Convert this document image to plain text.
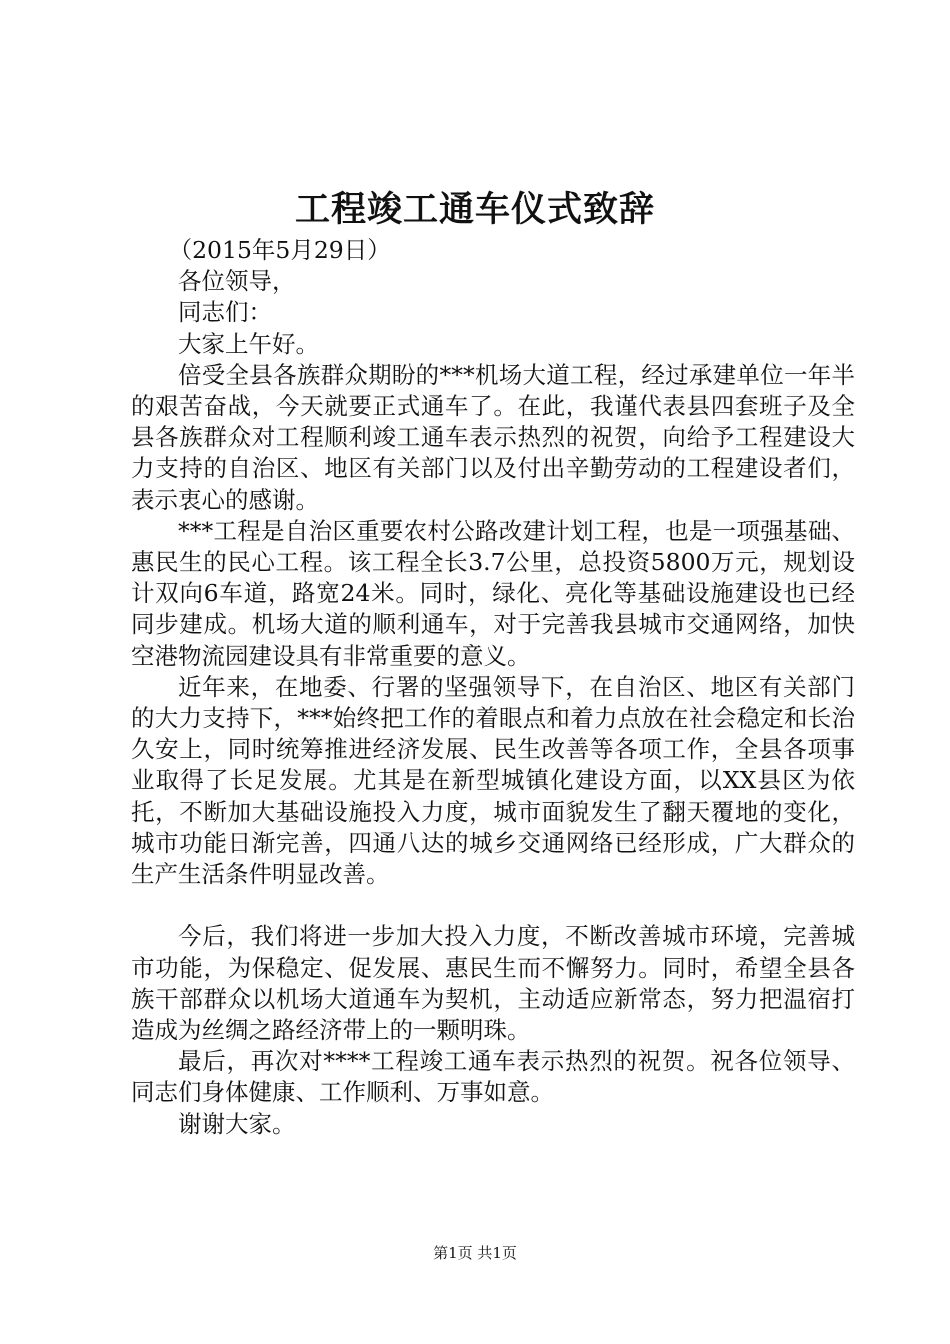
工程竣工通车仪式致辞

（2015年5月29日）

各位领导，

同志们：

大家上午好。

倍受全县各族群众期盼的***机场大道工程，经过承建单位一年半的艰苦奋战，今天就要正式通车了。在此，我谨代表县四套班子及全县各族群众对工程顺利竣工通车表示热烈的祝贺，向给予工程建设大力支持的自治区、地区有关部门以及付出辛勤劳动的工程建设者们，表示衷心的感谢。

***工程是自治区重要农村公路改建计划工程，也是一项强基础、惠民生的民心工程。该工程全长3.7公里，总投资5800万元，规划设计双向6车道，路宽24米。同时，绿化、亮化等基础设施建设也已经同步建成。机场大道的顺利通车，对于完善我县城市交通网络，加快空港物流园建设具有非常重要的意义。

近年来，在地委、行署的坚强领导下，在自治区、地区有关部门的大力支持下，***始终把工作的着眼点和着力点放在社会稳定和长治久安上，同时统筹推进经济发展、民生改善等各项工作，全县各项事业取得了长足发展。尤其是在新型城镇化建设方面，以XX县区为依托，不断加大基础设施投入力度，城市面貌发生了翻天覆地的变化，城市功能日渐完善，四通八达的城乡交通网络已经形成，广大群众的生产生活条件明显改善。

今后，我们将进一步加大投入力度，不断改善城市环境，完善城市功能，为保稳定、促发展、惠民生而不懈努力。同时，希望全县各族干部群众以机场大道通车为契机，主动适应新常态，努力把温宿打造成为丝绸之路经济带上的一颗明珠。

最后，再次对****工程竣工通车表示热烈的祝贺。祝各位领导、同志们身体健康、工作顺利、万事如意。

谢谢大家。

第1页 共1页
